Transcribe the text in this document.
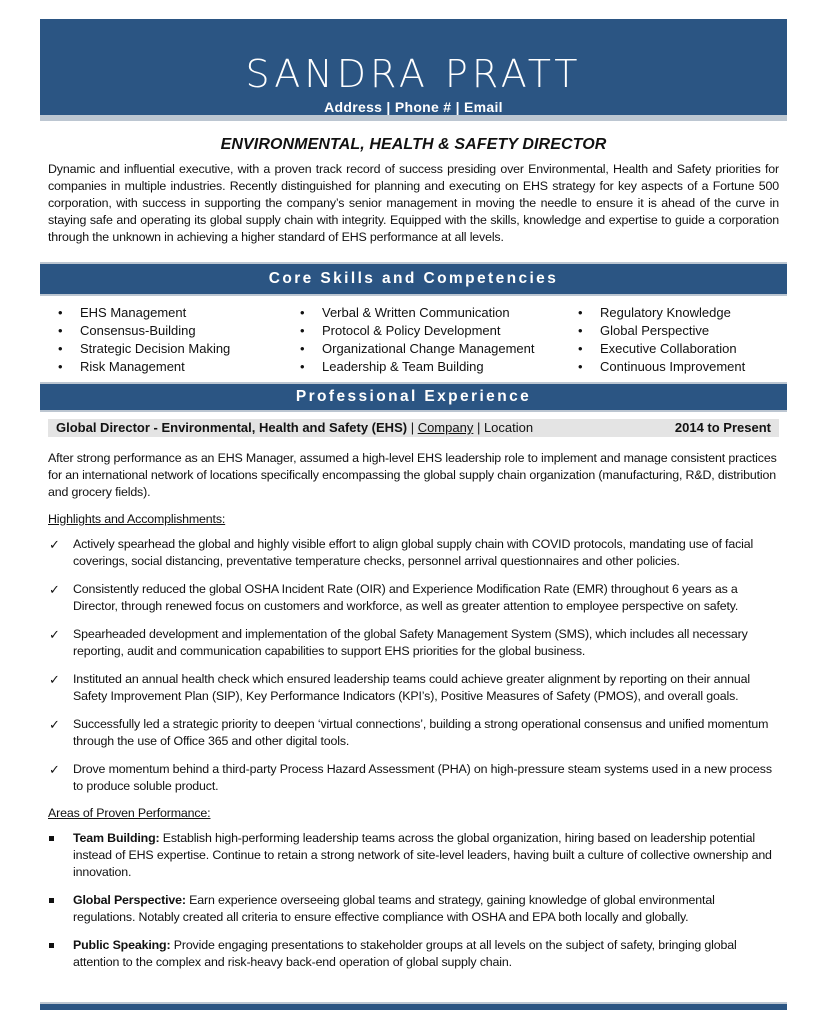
SANDRA PRATT
Address | Phone # | Email
ENVIRONMENTAL, HEALTH & SAFETY DIRECTOR
Dynamic and influential executive, with a proven track record of success presiding over Environmental, Health and Safety priorities for companies in multiple industries. Recently distinguished for planning and executing on EHS strategy for key aspects of a Fortune 500 corporation, with success in supporting the company’s senior management in moving the needle to ensure it is ahead of the curve in staying safe and operating its global supply chain with integrity. Equipped with the skills, knowledge and expertise to guide a corporation through the unknown in achieving a higher standard of EHS performance at all levels.
Core Skills and Competencies
• EHS Management
• Consensus-Building
• Strategic Decision Making
• Risk Management
• Verbal & Written Communication
• Protocol & Policy Development
• Organizational Change Management
• Leadership & Team Building
• Regulatory Knowledge
• Global Perspective
• Executive Collaboration
• Continuous Improvement
Professional Experience
Global Director - Environmental, Health and Safety (EHS) | Company | Location	2014 to Present
After strong performance as an EHS Manager, assumed a high-level EHS leadership role to implement and manage consistent practices for an international network of locations specifically encompassing the global supply chain organization (manufacturing, R&D, distribution and grocery fields).
Highlights and Accomplishments:
✓ Actively spearhead the global and highly visible effort to align global supply chain with COVID protocols, mandating use of facial coverings, social distancing, preventative temperature checks, personnel arrival questionnaires and other policies.
✓ Consistently reduced the global OSHA Incident Rate (OIR) and Experience Modification Rate (EMR) throughout 6 years as a Director, through renewed focus on customers and workforce, as well as greater attention to employee perspective on safety.
✓ Spearheaded development and implementation of the global Safety Management System (SMS), which includes all necessary reporting, audit and communication capabilities to support EHS priorities for the global business.
✓ Instituted an annual health check which ensured leadership teams could achieve greater alignment by reporting on their annual Safety Improvement Plan (SIP), Key Performance Indicators (KPI’s), Positive Measures of Safety (PMOS), and overall goals.
✓ Successfully led a strategic priority to deepen ‘virtual connections’, building a strong operational consensus and unified momentum through the use of Office 365 and other digital tools.
✓ Drove momentum behind a third-party Process Hazard Assessment (PHA) on high-pressure steam systems used in a new process to produce soluble product.
Areas of Proven Performance:
Team Building: Establish high-performing leadership teams across the global organization, hiring based on leadership potential instead of EHS expertise. Continue to retain a strong network of site-level leaders, having built a culture of collective ownership and innovation.
Global Perspective: Earn experience overseeing global teams and strategy, gaining knowledge of global environmental regulations. Notably created all criteria to ensure effective compliance with OSHA and EPA both locally and globally.
Public Speaking: Provide engaging presentations to stakeholder groups at all levels on the subject of safety, bringing global attention to the complex and risk-heavy back-end operation of global supply chain.
